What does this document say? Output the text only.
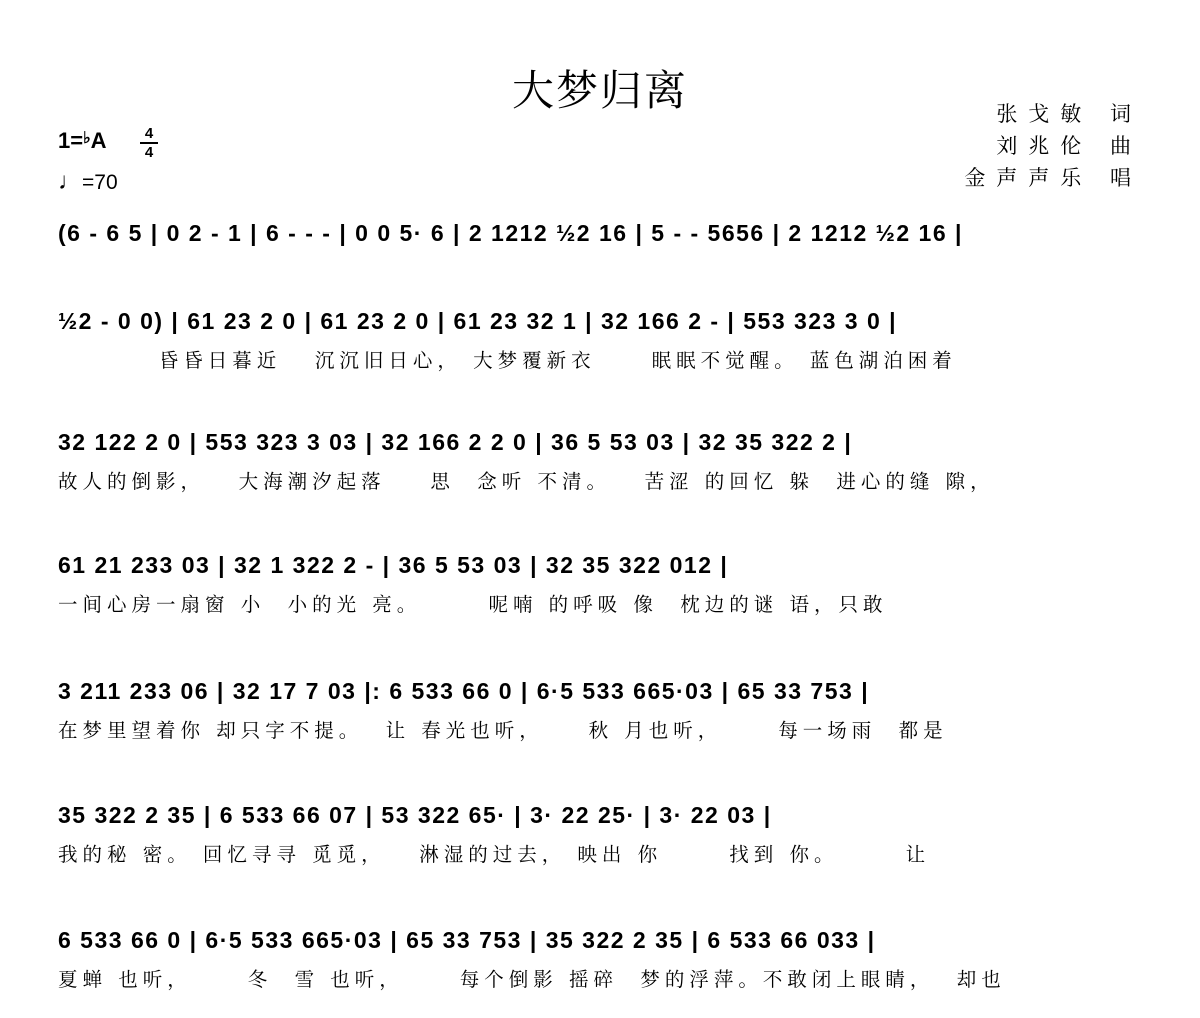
大梦归离	张戈敏 词
刘兆伦 曲
金声声乐 唱
1=♭A	4
4
♩=70
(6 - 6 5 | 0 2 - 1 | 6 - - - | 0 0 5· 6 | 2 1212 ½2 16 | 5 - - 5656 | 2 1212 ½2 16 |
½2 - 0 0) | 61 23 2 0 | 61 23 2 0 | 61 23 32 1 | 32 166 2 - | 553 323 3 0 |
昏昏日暮近   沉沉旧日心， 大梦覆新衣     眠眠不觉醒。 蓝色湖泊困着
32 122 2 0 | 553 323 3 03 | 32 166 2 2 0 | 36 5 53 03 | 32 35 322 2 |
故人的倒影，   大海潮汐起落    思  念听 不清。   苦涩 的回忆 躲  进心的缝 隙，
61 21 233 03 | 32 1 322 2 - | 36 5 53 03 | 32 35 322 012 |
一间心房一扇窗 小  小的光 亮。      呢喃 的呼吸 像  枕边的谜 语，只敢
3 211 233 06 | 32 17 7 03 |: 6 533 66 0 | 6·5 533 665·03 | 65 33 753 |
在梦里望着你 却只字不提。  让 春光也听，    秋 月也听，     每一场雨  都是
35 322 2 35 | 6 533 66 07 | 53 322 65· | 3· 22 25· | 3· 22 03 |
我的秘 密。 回忆寻寻 觅觅，   淋湿的过去， 映出 你      找到 你。      让
6 533 66 0 | 6·5 533 665·03 | 65 33 753 | 35 322 2 35 | 6 533 66 033 |
夏蝉 也听，     冬  雪 也听，     每个倒影 摇碎  梦的浮萍。不敢闭上眼睛，  却也
